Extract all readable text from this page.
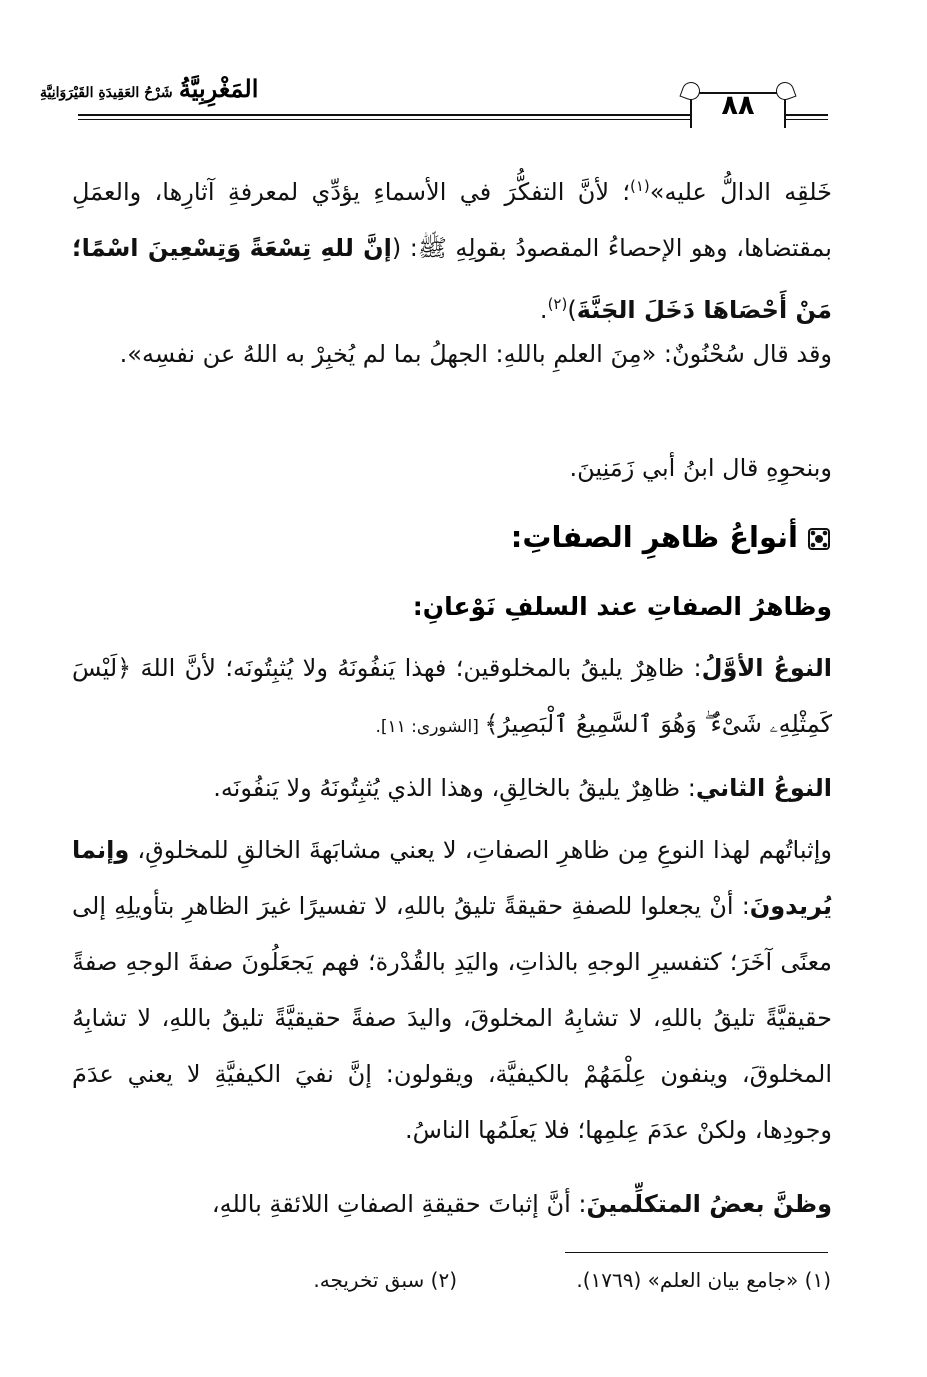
المَغْرِبِيَّةُ شَرْحُ العَقِيدَةِ القَيْرَوَانِيَّةِ	٨٨
خَلقِه الدالُّ عليه»$^{(١)}$؛ لأنَّ التفكُّرَ في الأسماءِ يؤدِّي لمعرفةِ آثارِها، والعمَلِ بمقتضاها، وهو الإحصاءُ المقصودُ بقولِهِ ﷺ: (إنَّ للهِ تِسْعَةً وَتِسْعِينَ اسْمًا؛ مَنْ أَحْصَاهَا دَخَلَ الجَنَّةَ)$^{(٢)}$.
وقد قال سُحْنُونٌ: «مِنَ العلمِ باللهِ: الجهلُ بما لم يُخبِرْ به اللهُ عن نفسِه».
وبنحوِهِ قال ابنُ أبي زَمَنِينَ.
أنواعُ ظاهرِ الصفاتِ:
وظاهرُ الصفاتِ عند السلفِ نَوْعانِ:
النوعُ الأوَّلُ: ظاهِرٌ يليقُ بالمخلوقين؛ فهذا يَنفُونَهُ ولا يُثبِتُونَه؛ لأنَّ اللهَ ﴿لَيْسَ كَمِثْلِهِۦ شَىْءٌ ۖ وَهُوَ ٱلسَّمِيعُ ٱلْبَصِيرُ﴾ [الشورى: ١١].
النوعُ الثاني: ظاهِرٌ يليقُ بالخالِقِ، وهذا الذي يُثبِتُونَهُ ولا يَنفُونَه.
وإثباتُهم لهذا النوعِ مِن ظاهرِ الصفاتِ، لا يعني مشابَهةَ الخالقِ للمخلوقِ، وإنما يُريدونَ: أنْ يجعلوا للصفةِ حقيقةً تليقُ باللهِ، لا تفسيرًا غيرَ الظاهرِ بتأويلِهِ إلى معنًى آخَرَ؛ كتفسيرِ الوجهِ بالذاتِ، واليَدِ بالقُدْرة؛ فهم يَجعَلُونَ صفةَ الوجهِ صفةً حقيقيَّةً تليقُ باللهِ، لا تشابِهُ المخلوقَ، واليدَ صفةً حقيقيَّةً تليقُ باللهِ، لا تشابِهُ المخلوقَ، وينفون عِلْمَهُمْ بالكيفيَّة، ويقولون: إنَّ نفيَ الكيفيَّةِ لا يعني عدَمَ وجودِها، ولكنْ عدَمَ عِلمِها؛ فلا يَعلَمُها الناسُ.
وظنَّ بعضُ المتكلِّمينَ: أنَّ إثباتَ حقيقةِ الصفاتِ اللائقةِ باللهِ،
(١) «جامع بيان العلم» (١٧٦٩).
(٢) سبق تخريجه.
